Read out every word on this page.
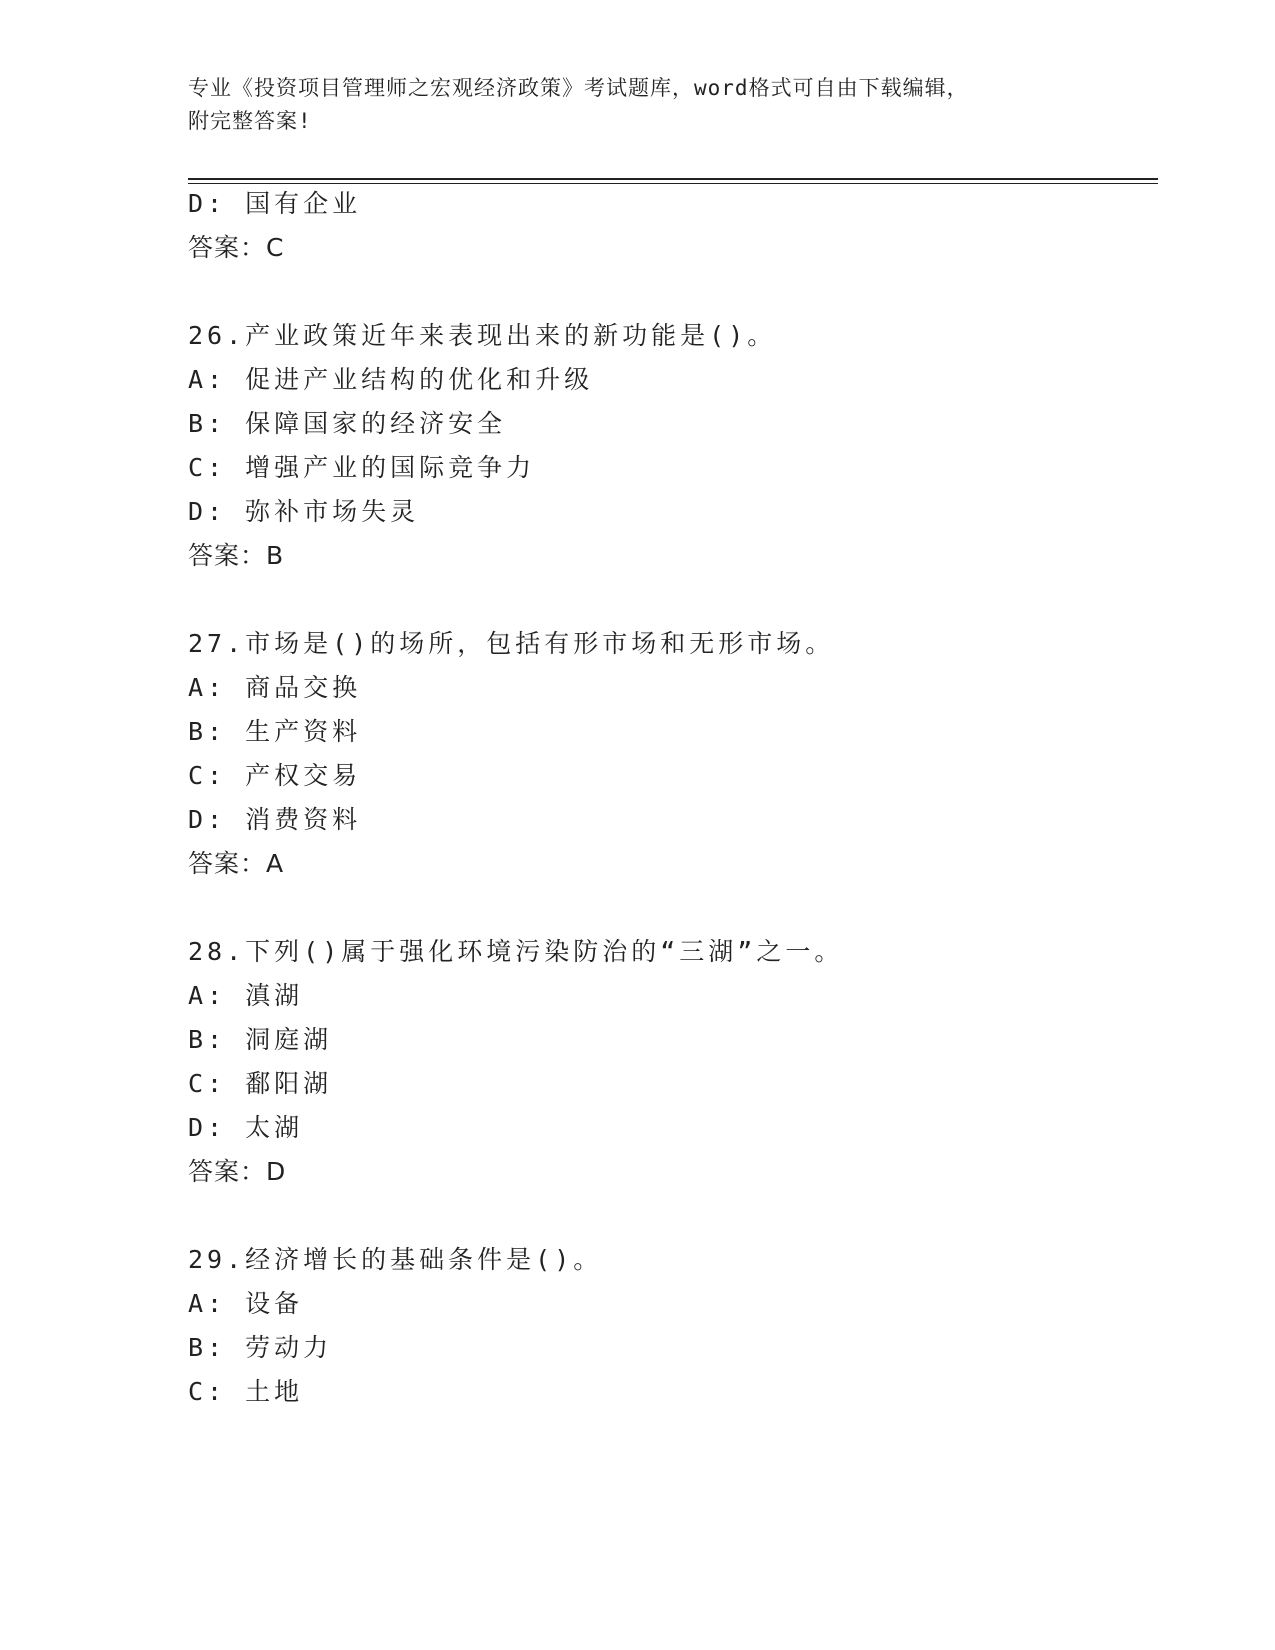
专业《投资项目管理师之宏观经济政策》考试题库，word格式可自由下载编辑，
附完整答案!
D: 国有企业
答案：C
26.产业政策近年来表现出来的新功能是()。
A: 促进产业结构的优化和升级
B: 保障国家的经济安全
C: 增强产业的国际竞争力
D: 弥补市场失灵
答案：B
27.市场是()的场所，包括有形市场和无形市场。
A: 商品交换
B: 生产资料
C: 产权交易
D: 消费资料
答案：A
28.下列()属于强化环境污染防治的“三湖”之一。
A: 滇湖
B: 洞庭湖
C: 鄱阳湖
D: 太湖
答案：D
29.经济增长的基础条件是()。
A: 设备
B: 劳动力
C: 土地
